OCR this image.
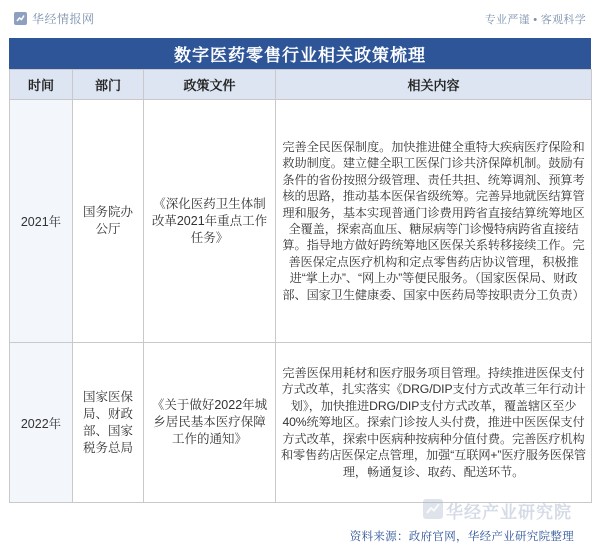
华经情报网	专业严谨 • 客观科学
数字医药零售行业相关政策梳理
时间	部门	政策文件	相关内容
2021年	国务院办公厅	《深化医药卫生体制改革2021年重点工作任务》	完善全民医保制度。加快推进健全重特大疾病医疗保险和救助制度。建立健全职工医保门诊共济保障机制。鼓励有条件的省份按照分级管理、责任共担、统筹调剂、预算考核的思路，推动基本医保省级统筹。完善异地就医结算管理和服务，基本实现普通门诊费用跨省直接结算统筹地区全覆盖，探索高血压、糖尿病等门诊慢特病跨省直接结算。指导地方做好跨统筹地区医保关系转移接续工作。完善医保定点医疗机构和定点零售药店协议管理，积极推进“掌上办”、“网上办”等便民服务。（国家医保局、财政部、国家卫生健康委、国家中医药局等按职责分工负责）
2022年	国家医保局、财政部、国家税务总局	《关于做好2022年城乡居民基本医疗保障工作的通知》	完善医保用耗材和医疗服务项目管理。持续推进医保支付方式改革，扎实落实《DRG/DIP支付方式改革三年行动计划》，加快推进DRG/DIP支付方式改革，覆盖辖区至少40%统筹地区。探索门诊按人头付费，推进中医医保支付方式改革，探索中医病种按病种分值付费。完善医疗机构和零售药店医保定点管理，加强“互联网+”医疗服务医保管理，畅通复诊、取药、配送环节。
华经产业研究院
资料来源：政府官网，华经产业研究院整理
